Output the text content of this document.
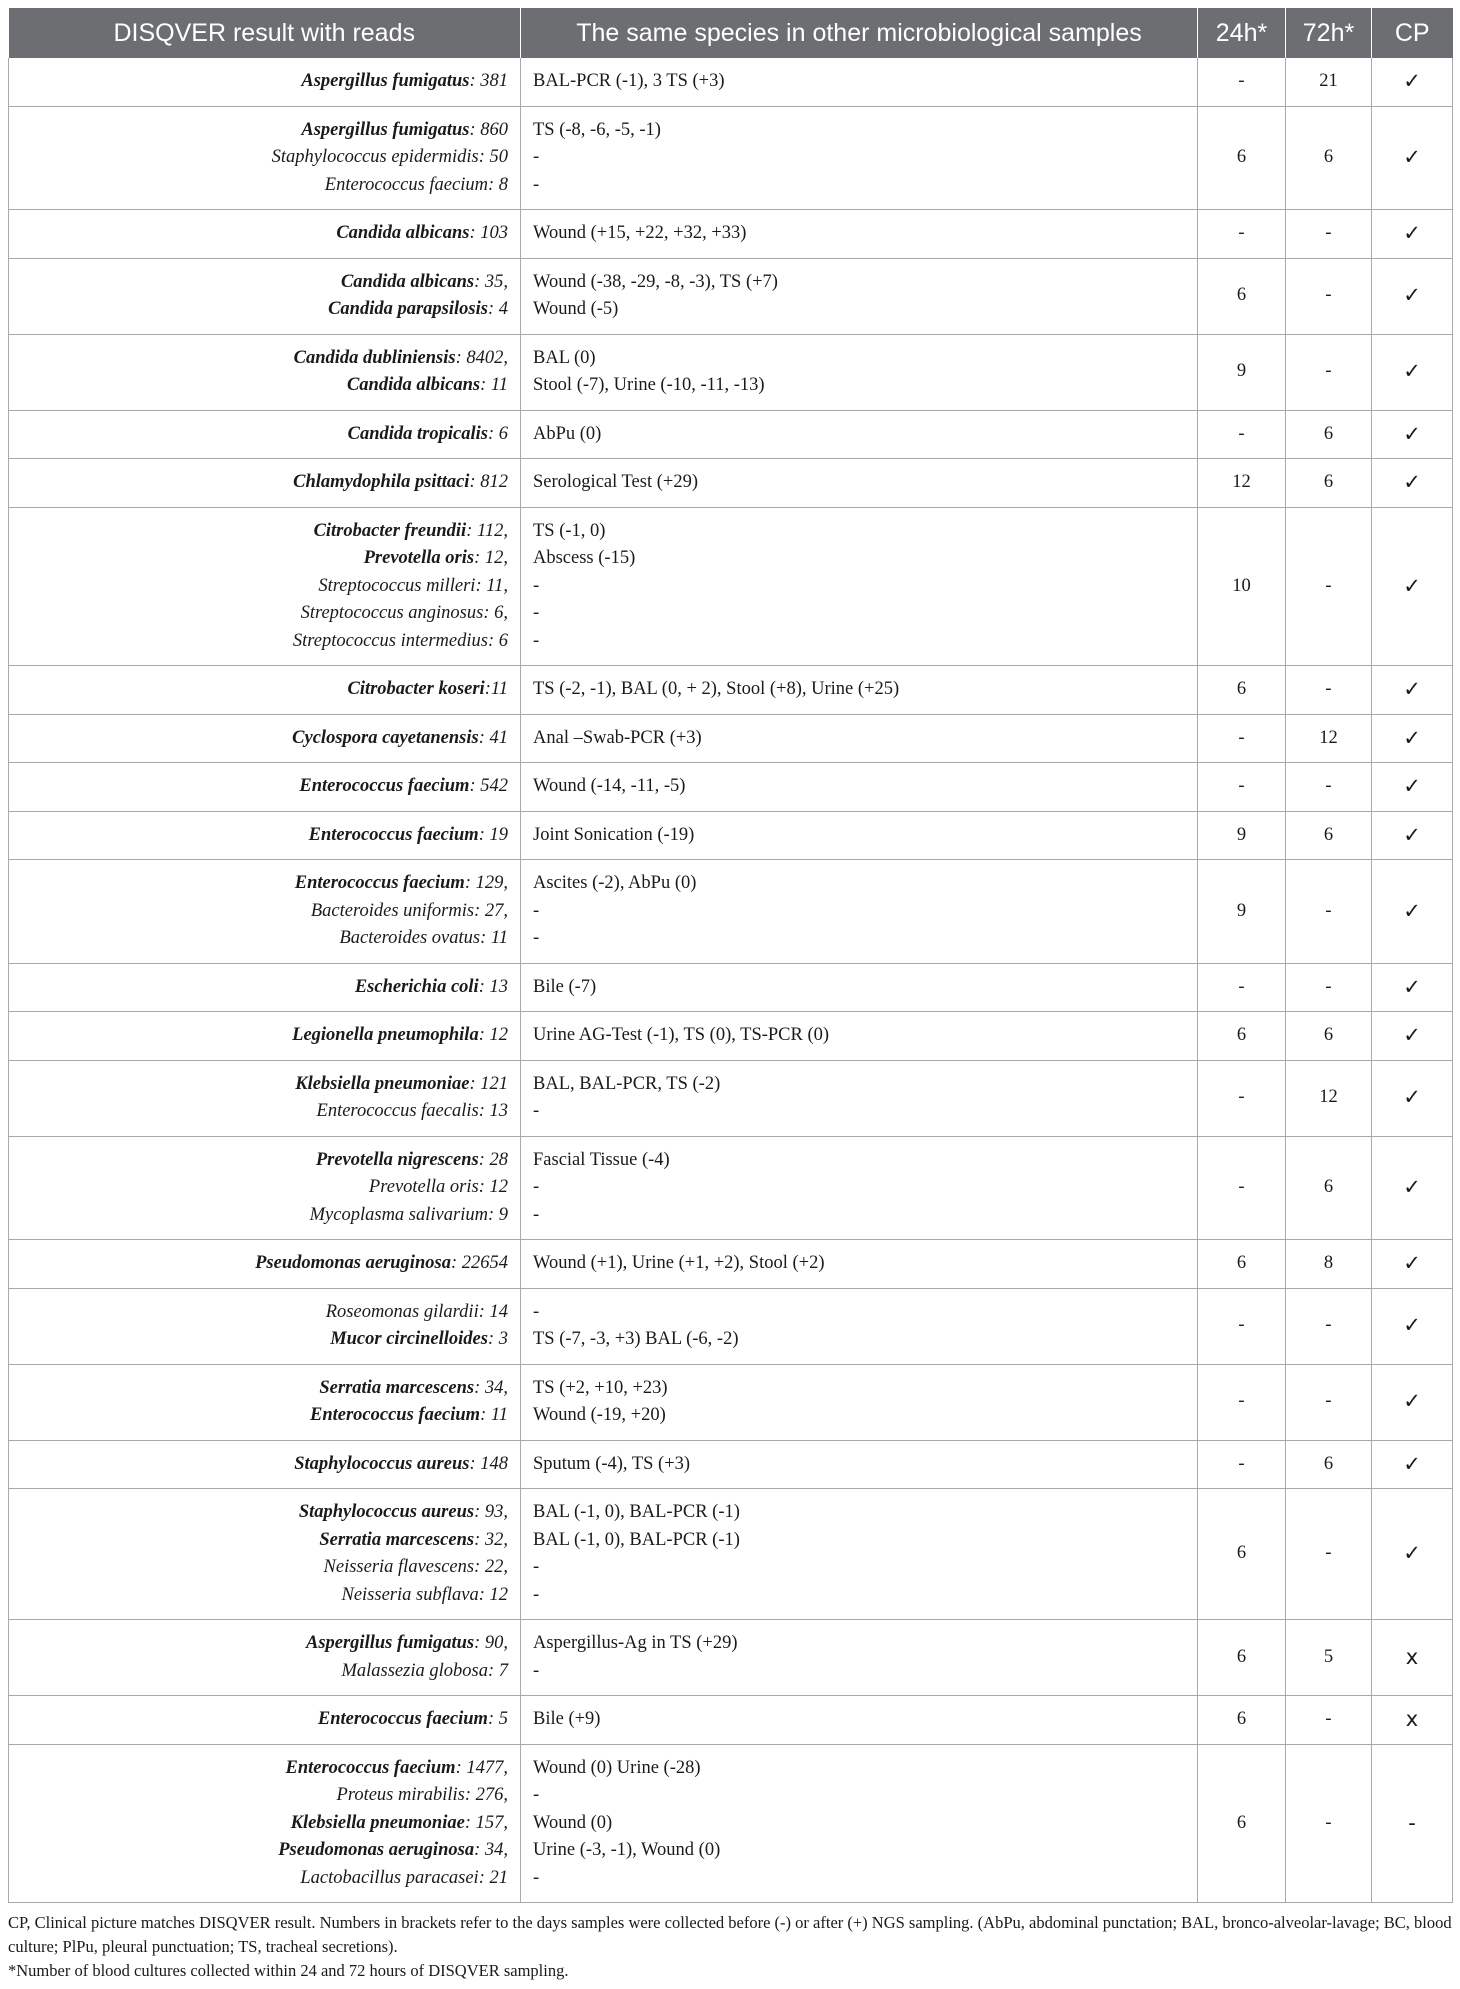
DISQVER result with reads	The same species in other microbiological samples	24h*	72h*	CP

Aspergillus fumigatus: 381	BAL-PCR (-1), 3 TS (+3)	-	21	✓

Aspergillus fumigatus: 860
Staphylococcus epidermidis: 50
Enterococcus faecium: 8	TS (-8, -6, -5, -1)
-
-	6	6	✓

Candida albicans: 103	Wound (+15, +22, +32, +33)	-	-	✓

Candida albicans: 35,
Candida parapsilosis: 4	Wound (-38, -29, -8, -3), TS (+7)
Wound (-5)	6	-	✓

Candida dubliniensis: 8402,
Candida albicans: 11	BAL (0)
Stool (-7), Urine (-10, -11, -13)	9	-	✓

Candida tropicalis: 6	AbPu (0)	-	6	✓

Chlamydophila psittaci: 812	Serological Test (+29)	12	6	✓

Citrobacter freundii: 112,
Prevotella oris: 12,
Streptococcus milleri: 11,
Streptococcus anginosus: 6,
Streptococcus intermedius: 6	TS (-1, 0)
Abscess (-15)
-
-
-	10	-	✓

Citrobacter koseri:11	TS (-2, -1), BAL (0, + 2), Stool (+8), Urine (+25)	6	-	✓

Cyclospora cayetanensis: 41	Anal –Swab-PCR (+3)	-	12	✓

Enterococcus faecium: 542	Wound (-14, -11, -5)	-	-	✓

Enterococcus faecium: 19	Joint Sonication (-19)	9	6	✓

Enterococcus faecium: 129,
Bacteroides uniformis: 27,
Bacteroides ovatus: 11	Ascites (-2), AbPu (0)
-
-	9	-	✓

Escherichia coli: 13	Bile (-7)	-	-	✓

Legionella pneumophila: 12	Urine AG-Test (-1), TS (0), TS-PCR (0)	6	6	✓

Klebsiella pneumoniae: 121
Enterococcus faecalis: 13	BAL, BAL-PCR, TS (-2)
-	-	12	✓

Prevotella nigrescens: 28
Prevotella oris: 12
Mycoplasma salivarium: 9	Fascial Tissue (-4)
-
-	-	6	✓

Pseudomonas aeruginosa: 22654	Wound (+1), Urine (+1, +2), Stool (+2)	6	8	✓

Roseomonas gilardii: 14
Mucor circinelloides: 3	-
TS (-7, -3, +3) BAL (-6, -2)	-	-	✓

Serratia marcescens: 34,
Enterococcus faecium: 11	TS (+2, +10, +23)
Wound (-19, +20)	-	-	✓

Staphylococcus aureus: 148	Sputum (-4), TS (+3)	-	6	✓

Staphylococcus aureus: 93,
Serratia marcescens: 32,
Neisseria flavescens: 22,
Neisseria subflava: 12	BAL (-1, 0), BAL-PCR (-1)
BAL (-1, 0), BAL-PCR (-1)
-
-	6	-	✓

Aspergillus fumigatus: 90,
Malassezia globosa: 7	Aspergillus-Ag in TS (+29)
-	6	5	x

Enterococcus faecium: 5	Bile (+9)	6	-	x

Enterococcus faecium: 1477,
Proteus mirabilis: 276,
Klebsiella pneumoniae: 157,
Pseudomonas aeruginosa: 34,
Lactobacillus paracasei: 21	Wound (0) Urine (-28)
-
Wound (0)
Urine (-3, -1), Wound (0)
-	6	-	-

CP, Clinical picture matches DISQVER result. Numbers in brackets refer to the days samples were collected before (-) or after (+) NGS sampling. (AbPu, abdominal punctation; BAL, bronco-alveolar-lavage; BC, blood culture; PlPu, pleural punctuation; TS, tracheal secretions).

*Number of blood cultures collected within 24 and 72 hours of DISQVER sampling.
